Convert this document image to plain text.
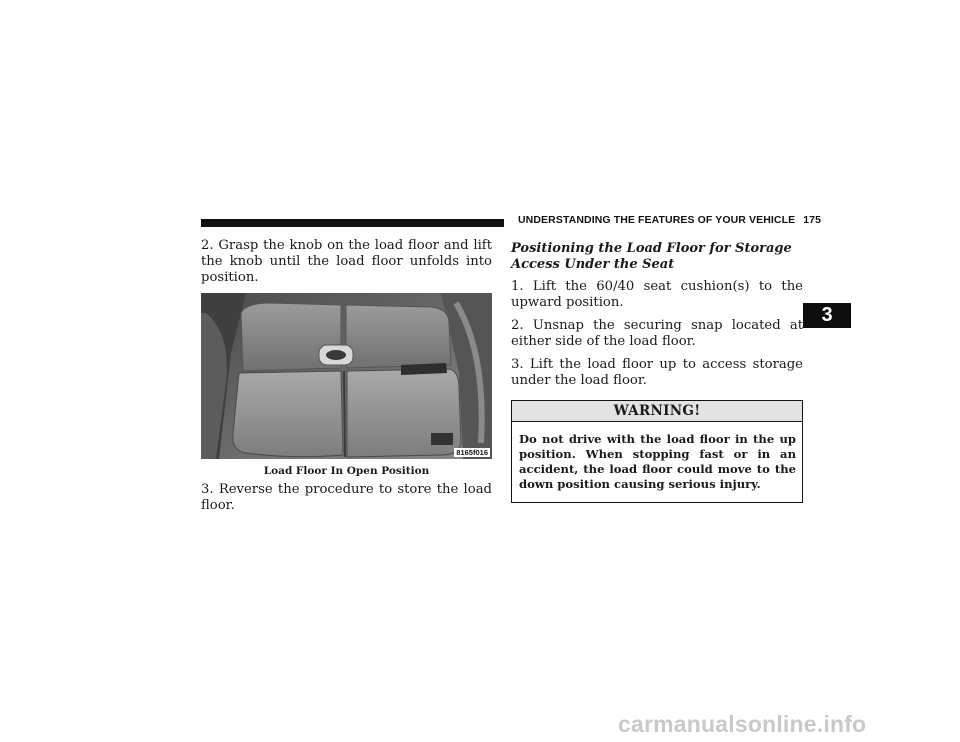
UNDERSTANDING THE FEATURES OF YOUR VEHICLE 175
3

2. Grasp the knob on the load floor and lift the knob until the load floor unfolds into position.

8165f016

Load Floor In Open Position

3. Reverse the procedure to store the load floor.

Positioning the Load Floor for Storage Access Under the Seat

1. Lift the 60/40 seat cushion(s) to the upward position.

2. Unsnap the securing snap located at either side of the load floor.

3. Lift the load floor up to access storage under the load floor.

WARNING!
Do not drive with the load floor in the up position. When stopping fast or in an accident, the load floor could move to the down position causing serious injury.
carmanualsonline.info
